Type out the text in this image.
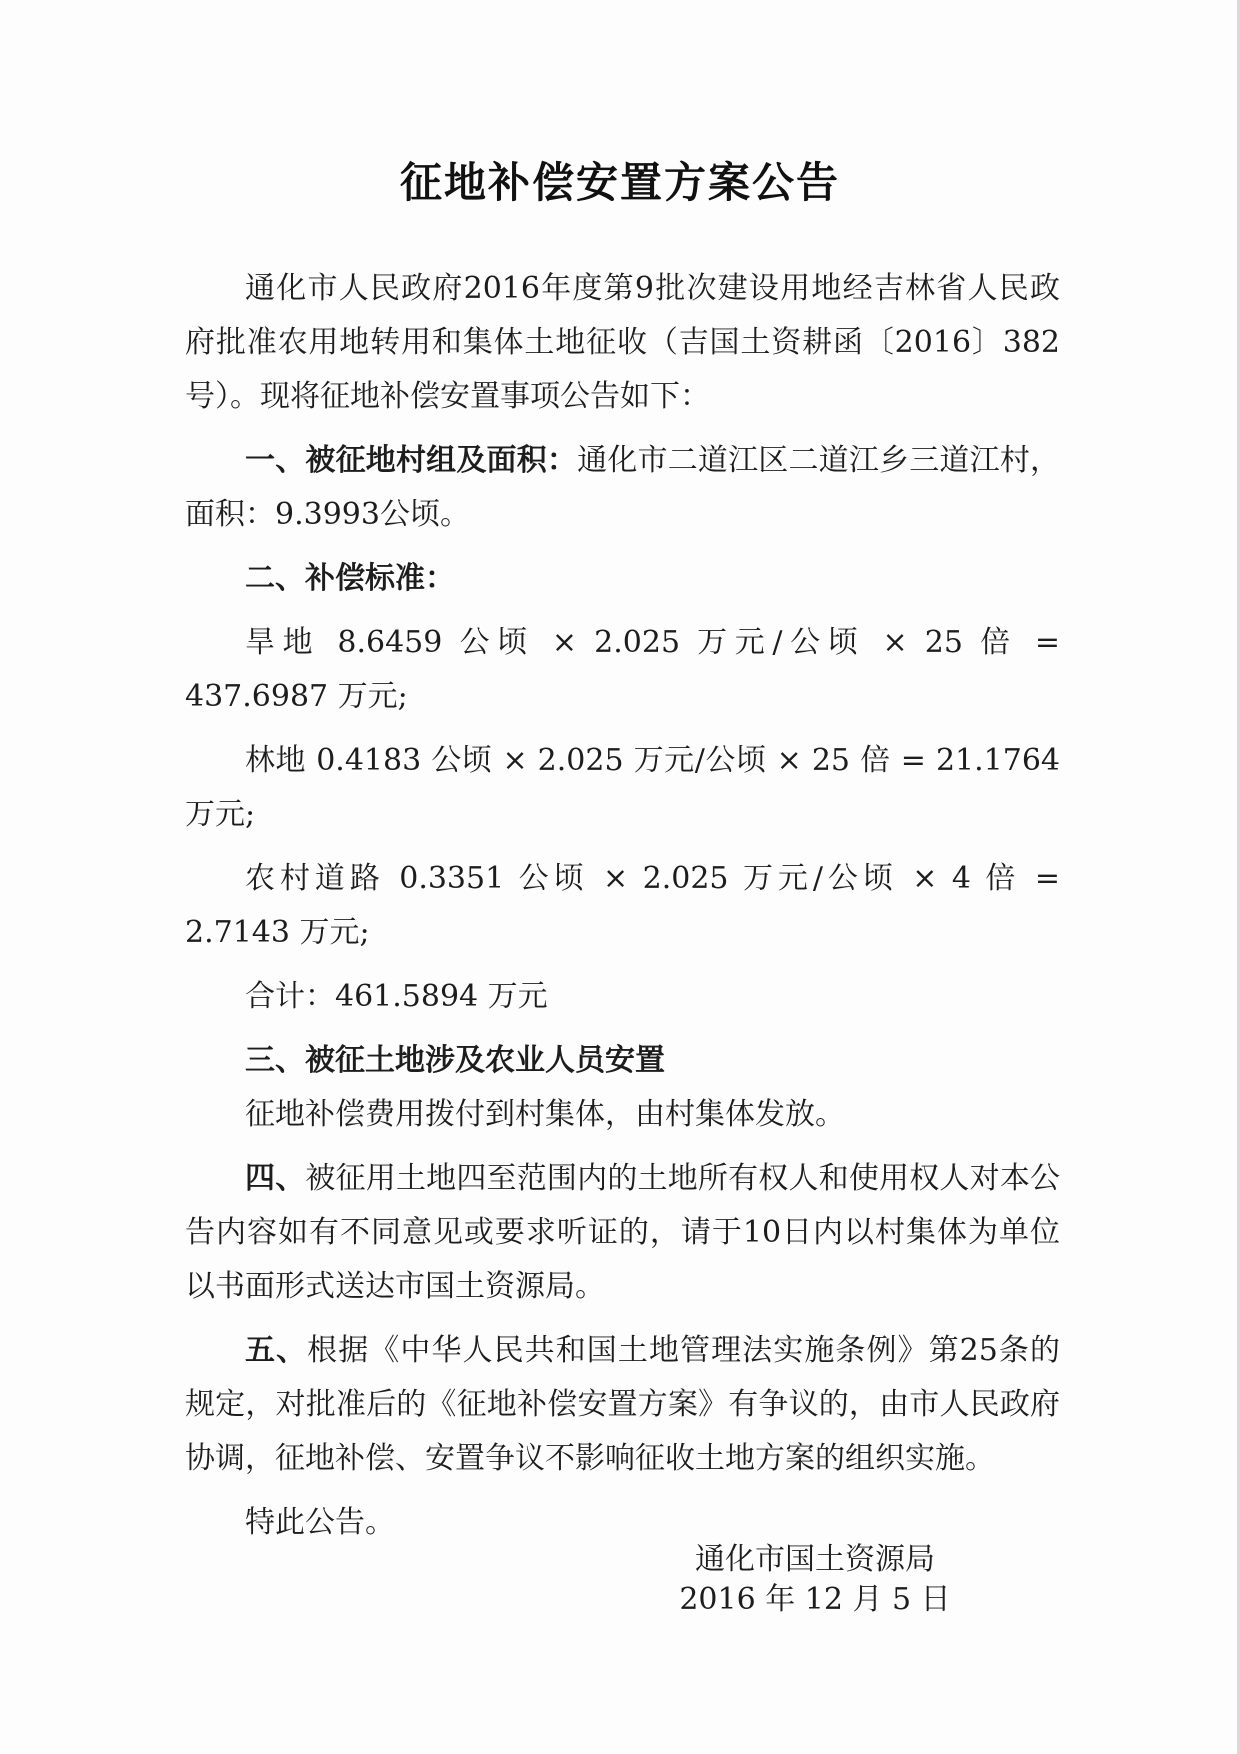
征地补偿安置方案公告

通化市人民政府2016年度第9批次建设用地经吉林省人民政府批准农用地转用和集体土地征收（吉国土资耕函〔2016〕382号）。现将征地补偿安置事项公告如下：

一、被征地村组及面积：通化市二道江区二道江乡三道江村，面积：9.3993公顷。

二、补偿标准：

旱地 8.6459 公顷 × 2.025 万元/公顷 × 25 倍 = 437.6987 万元;

林地 0.4183 公顷 × 2.025 万元/公顷 × 25 倍 = 21.1764 万元;

农村道路 0.3351 公顷 × 2.025 万元/公顷 × 4 倍 = 2.7143 万元;

合计：461.5894 万元

三、被征土地涉及农业人员安置

征地补偿费用拨付到村集体，由村集体发放。

四、被征用土地四至范围内的土地所有权人和使用权人对本公告内容如有不同意见或要求听证的，请于10日内以村集体为单位以书面形式送达市国土资源局。

五、根据《中华人民共和国土地管理法实施条例》第25条的规定，对批准后的《征地补偿安置方案》有争议的，由市人民政府协调，征地补偿、安置争议不影响征收土地方案的组织实施。

特此公告。

通化市国土资源局
2016 年 12 月 5 日
